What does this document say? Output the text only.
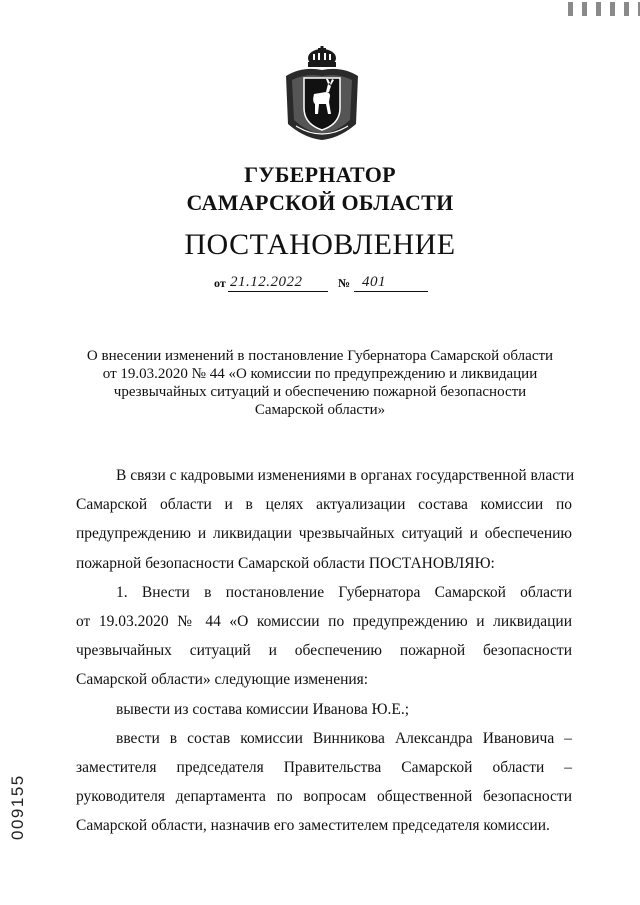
ГУБЕРНАТОР
САМАРСКОЙ ОБЛАСТИ
ПОСТАНОВЛЕНИЕ
от 21.12.2022	№ 401
О внесении изменений в постановление Губернатора Самарской области
от 19.03.2020 № 44 «О комиссии по предупреждению и ликвидации
чрезвычайных ситуаций и обеспечению пожарной безопасности
Самарской области»
В связи с кадровыми изменениями в органах государственной власти
Самарской области и в целях актуализации состава комиссии по
предупреждению и ликвидации чрезвычайных ситуаций и обеспечению
пожарной безопасности Самарской области ПОСТАНОВЛЯЮ:
1. Внести в постановление Губернатора Самарской области
от 19.03.2020 № 44 «О комиссии по предупреждению и ликвидации
чрезвычайных ситуаций и обеспечению пожарной безопасности
Самарской области» следующие изменения:
вывести из состава комиссии Иванова Ю.Е.;
ввести в состав комиссии Винникова Александра Ивановича –
заместителя председателя Правительства Самарской области –
руководителя департамента по вопросам общественной безопасности
Самарской области, назначив его заместителем председателя комиссии.
009155
